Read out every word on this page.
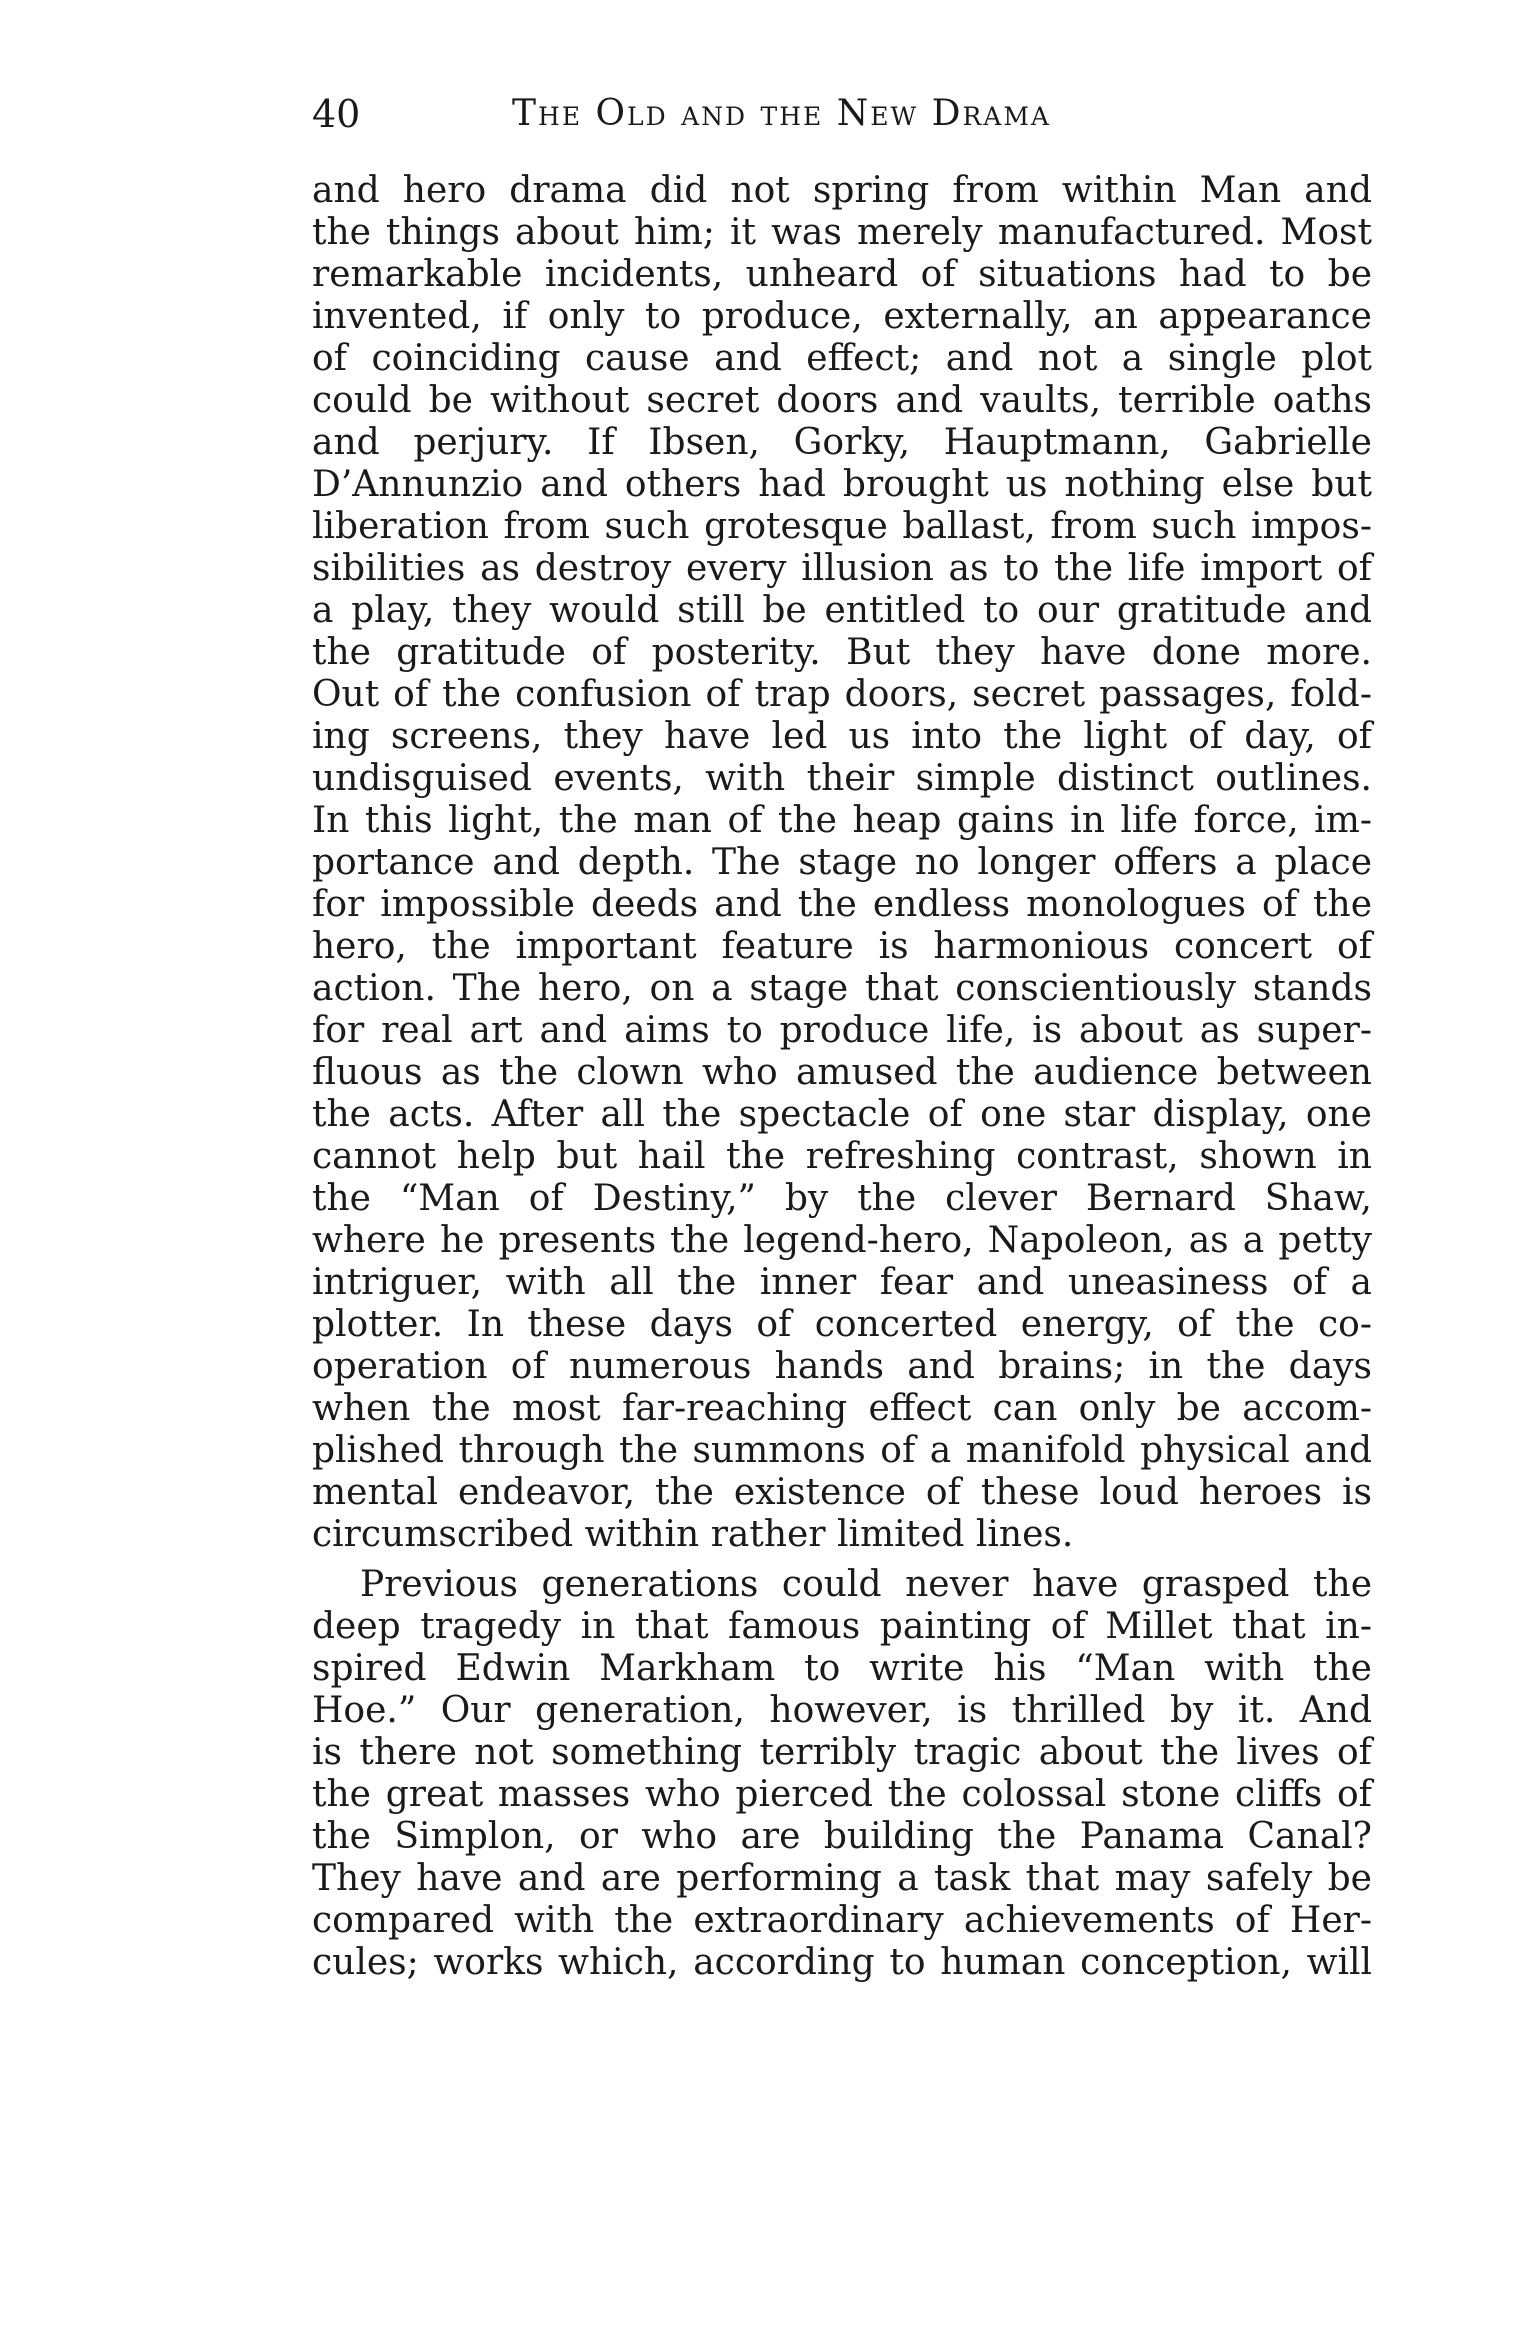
40	The Old and the New Drama

and hero drama did not spring from within Man and
the things about him; it was merely manufactured. Most
remarkable incidents, unheard of situations had to be
invented, if only to produce, externally, an appearance
of coinciding cause and effect; and not a single plot
could be without secret doors and vaults, terrible oaths
and perjury. If Ibsen, Gorky, Hauptmann, Gabrielle
D’Annunzio and others had brought us nothing else but
liberation from such grotesque ballast, from such impos-
sibilities as destroy every illusion as to the life import of
a play, they would still be entitled to our gratitude and
the gratitude of posterity. But they have done more.
Out of the confusion of trap doors, secret passages, fold-
ing screens, they have led us into the light of day, of
undisguised events, with their simple distinct outlines.
In this light, the man of the heap gains in life force, im-
portance and depth. The stage no longer offers a place
for impossible deeds and the endless monologues of the
hero, the important feature is harmonious concert of
action. The hero, on a stage that conscientiously stands
for real art and aims to produce life, is about as super-
fluous as the clown who amused the audience between
the acts. After all the spectacle of one star display, one
cannot help but hail the refreshing contrast, shown in
the “Man of Destiny,” by the clever Bernard Shaw,
where he presents the legend-hero, Napoleon, as a petty
intriguer, with all the inner fear and uneasiness of a
plotter. In these days of concerted energy, of the co-
operation of numerous hands and brains; in the days
when the most far-reaching effect can only be accom-
plished through the summons of a manifold physical and
mental endeavor, the existence of these loud heroes is
circumscribed within rather limited lines.

Previous generations could never have grasped the
deep tragedy in that famous painting of Millet that in-
spired Edwin Markham to write his “Man with the
Hoe.” Our generation, however, is thrilled by it. And
is there not something terribly tragic about the lives of
the great masses who pierced the colossal stone cliffs of
the Simplon, or who are building the Panama Canal?
They have and are performing a task that may safely be
compared with the extraordinary achievements of Her-
cules; works which, according to human conception, will
